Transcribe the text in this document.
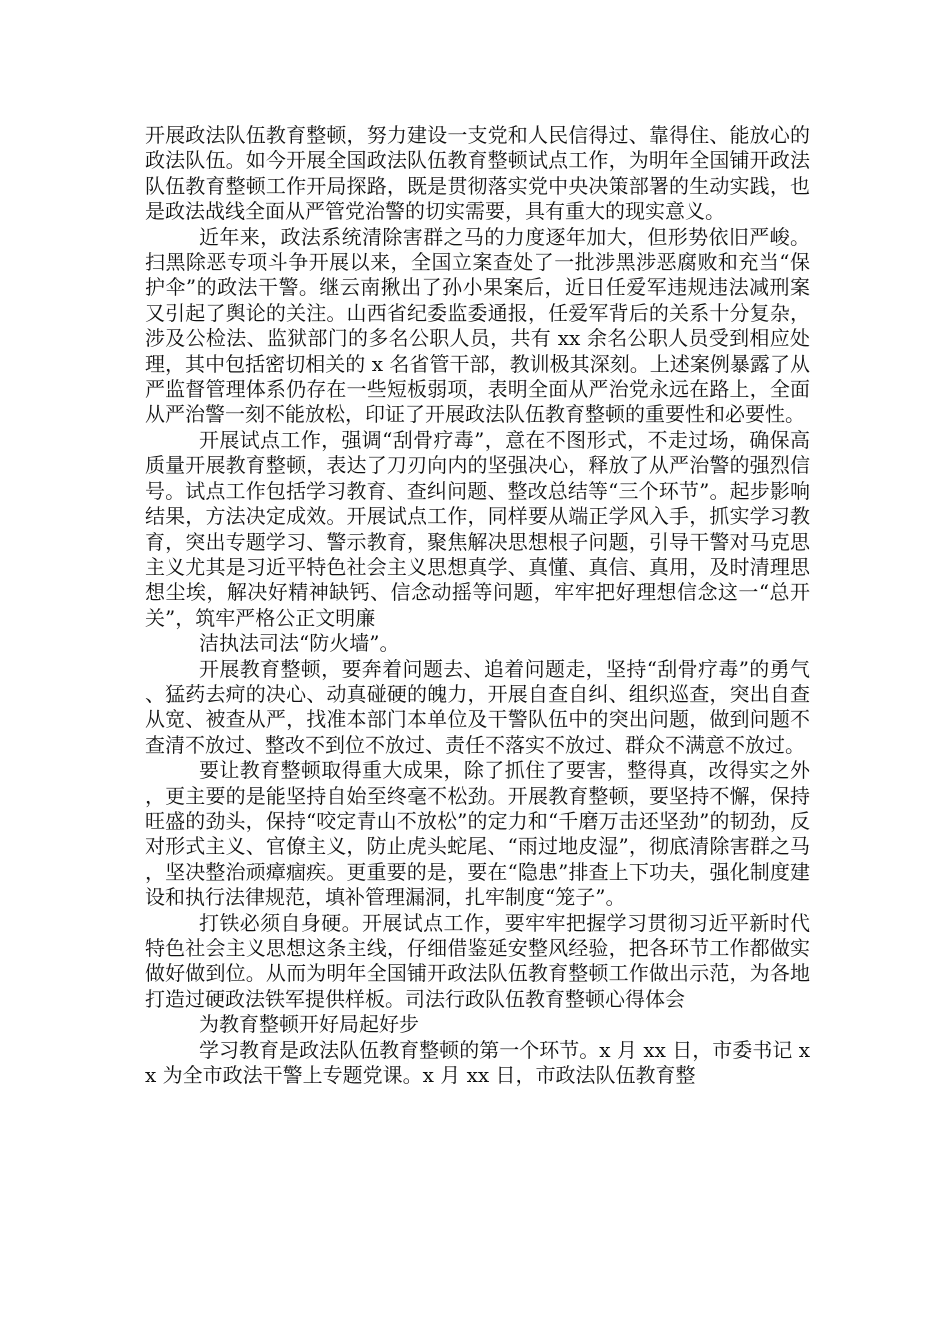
开展政法队伍教育整顿，努力建设一支党和人民信得过、靠得住、能放心的政法队伍。如今开展全国政法队伍教育整顿试点工作，为明年全国铺开政法队伍教育整顿工作开局探路，既是贯彻落实党中央决策部署的生动实践，也是政法战线全面从严管党治警的切实需要，具有重大的现实意义。

近年来，政法系统清除害群之马的力度逐年加大，但形势依旧严峻。扫黑除恶专项斗争开展以来，全国立案查处了一批涉黑涉恶腐败和充当“保护伞”的政法干警。继云南揪出了孙小果案后，近日任爱军违规违法减刑案又引起了舆论的关注。山西省纪委监委通报，任爱军背后的关系十分复杂，涉及公检法、监狱部门的多名公职人员，共有 xx 余名公职人员受到相应处理，其中包括密切相关的 x 名省管干部，教训极其深刻。上述案例暴露了从严监督管理体系仍存在一些短板弱项，表明全面从严治党永远在路上，全面从严治警一刻不能放松，印证了开展政法队伍教育整顿的重要性和必要性。

开展试点工作，强调“刮骨疗毒”，意在不图形式，不走过场，确保高质量开展教育整顿，表达了刀刃向内的坚强决心，释放了从严治警的强烈信号。试点工作包括学习教育、查纠问题、整改总结等“三个环节”。起步影响结果，方法决定成效。开展试点工作，同样要从端正学风入手，抓实学习教育，突出专题学习、警示教育，聚焦解决思想根子问题，引导干警对马克思主义尤其是习近平特色社会主义思想真学、真懂、真信、真用，及时清理思想尘埃，解决好精神缺钙、信念动摇等问题，牢牢把好理想信念这一“总开关”，筑牢严格公正文明廉

洁执法司法“防火墙”。

开展教育整顿，要奔着问题去、追着问题走，坚持“刮骨疗毒”的勇气、猛药去疴的决心、动真碰硬的魄力，开展自查自纠、组织巡查，突出自查从宽、被查从严，找准本部门本单位及干警队伍中的突出问题，做到问题不查清不放过、整改不到位不放过、责任不落实不放过、群众不满意不放过。

要让教育整顿取得重大成果，除了抓住了要害，整得真，改得实之外，更主要的是能坚持自始至终毫不松劲。开展教育整顿，要坚持不懈，保持旺盛的劲头，保持“咬定青山不放松”的定力和“千磨万击还坚劲”的韧劲，反对形式主义、官僚主义，防止虎头蛇尾、“雨过地皮湿”，彻底清除害群之马，坚决整治顽瘴痼疾。更重要的是，要在“隐患”排查上下功夫，强化制度建设和执行法律规范，填补管理漏洞，扎牢制度“笼子”。

打铁必须自身硬。开展试点工作，要牢牢把握学习贯彻习近平新时代特色社会主义思想这条主线，仔细借鉴延安整风经验，把各环节工作都做实做好做到位。从而为明年全国铺开政法队伍教育整顿工作做出示范，为各地打造过硬政法铁军提供样板。司法行政队伍教育整顿心得体会

为教育整顿开好局起好步

学习教育是政法队伍教育整顿的第一个环节。x 月 xx 日，市委书记 xx 为全市政法干警上专题党课。x 月 xx 日，市政法队伍教育整
